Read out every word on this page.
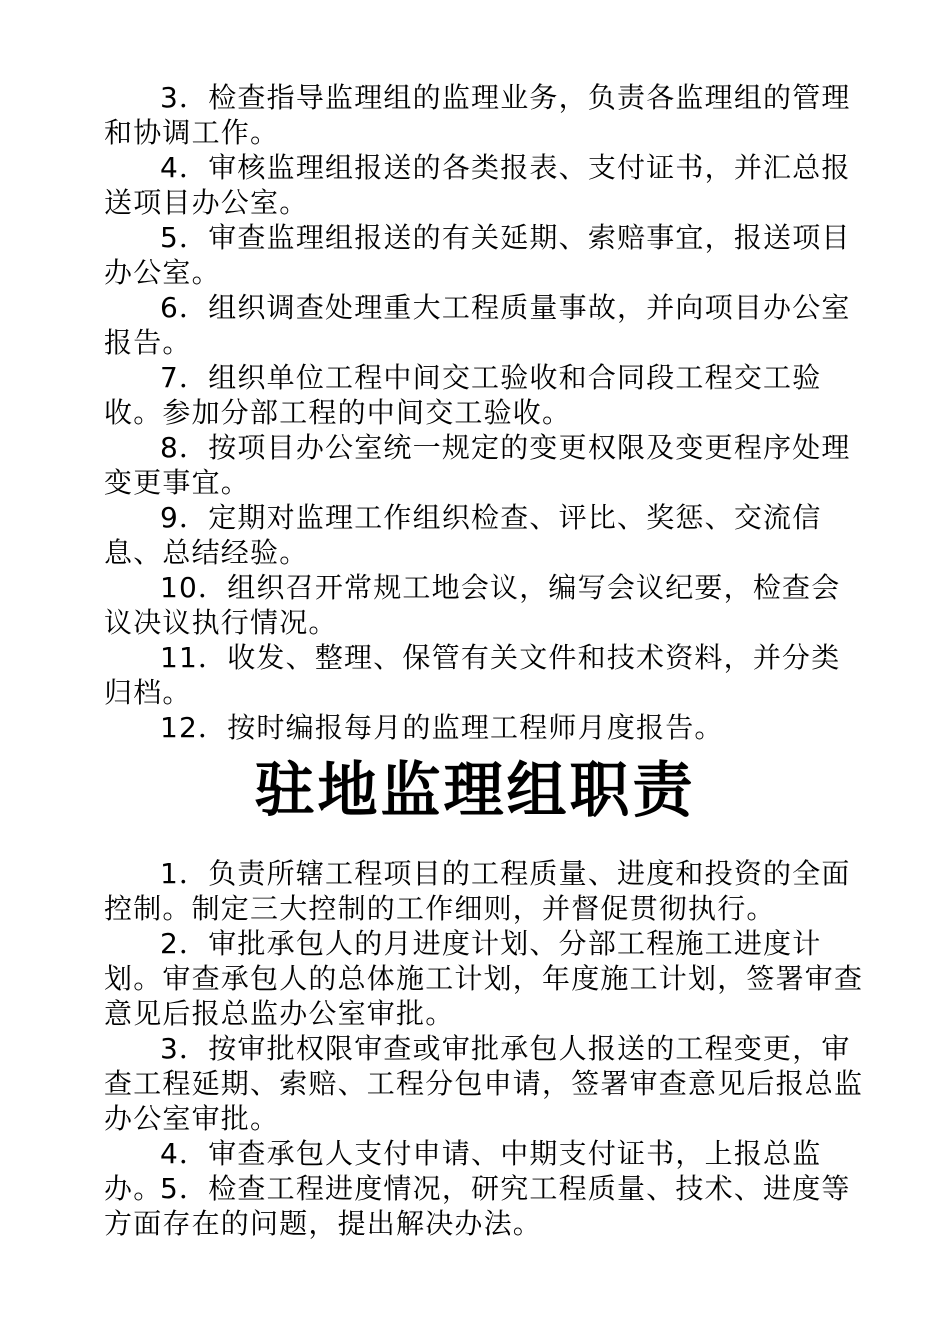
3．检查指导监理组的监理业务，负责各监理组的管理和协调工作。

4．审核监理组报送的各类报表、支付证书，并汇总报送项目办公室。

5．审查监理组报送的有关延期、索赔事宜，报送项目办公室。

6．组织调查处理重大工程质量事故，并向项目办公室报告。

7．组织单位工程中间交工验收和合同段工程交工验收。参加分部工程的中间交工验收。

8．按项目办公室统一规定的变更权限及变更程序处理变更事宜。

9．定期对监理工作组织检查、评比、奖惩、交流信息、总结经验。

10．组织召开常规工地会议，编写会议纪要，检查会议决议执行情况。

11．收发、整理、保管有关文件和技术资料，并分类归档。

12．按时编报每月的监理工程师月度报告。

驻地监理组职责

1．负责所辖工程项目的工程质量、进度和投资的全面控制。制定三大控制的工作细则，并督促贯彻执行。

2．审批承包人的月进度计划、分部工程施工进度计划。审查承包人的总体施工计划，年度施工计划，签署审查意见后报总监办公室审批。

3．按审批权限审查或审批承包人报送的工程变更，审查工程延期、索赔、工程分包申请，签署审查意见后报总监办公室审批。

4．审查承包人支付申请、中期支付证书，上报总监办。

5．检查工程进度情况，研究工程质量、技术、进度等方面存在的问题，提出解决办法。
